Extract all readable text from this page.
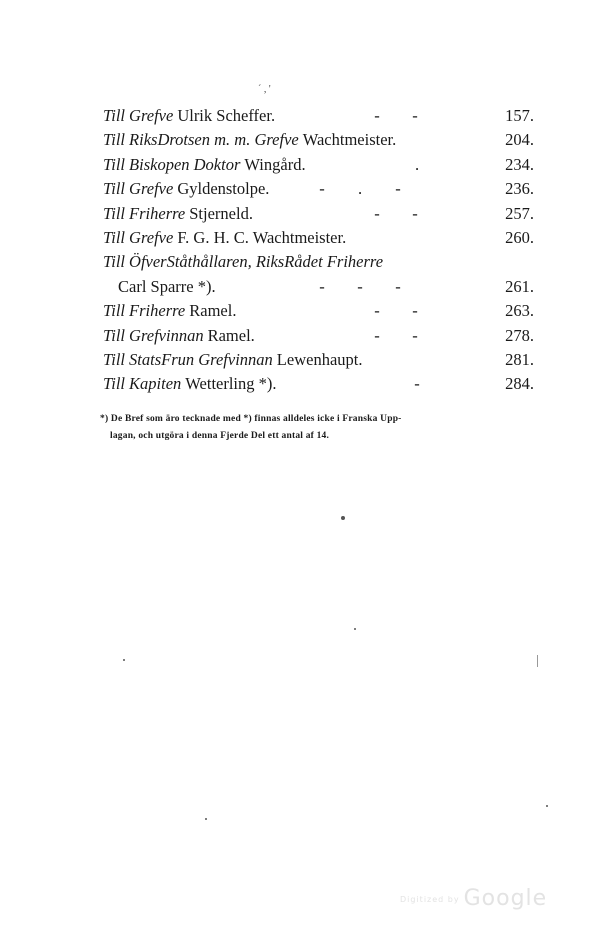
´ , '
Till Grefve Ulrik Scheffer.	- -	157.
Till RiksDrotsen m. m. Grefve Wachtmeister.	204.
Till Biskopen Doktor Wingård.	.	234.
Till Grefve Gyldenstolpe.	- . -	236.
Till Friherre Stjerneld.	- -	257.
Till Grefve F. G. H. C. Wachtmeister.	260.
Till ÖfverStåthållaren, RiksRådet Friherre
Carl Sparre *).	- - -	261.
Till Friherre Ramel.	- -	263.
Till Grefvinnan Ramel.	- -	278.
Till StatsFrun Grefvinnan Lewenhaupt.	281.
Till Kapiten Wetterling *).	-	284.
*) De Bref som äro tecknade med *) finnas alldeles icke i Franska Upp-
lagan, och utgöra i denna Fjerde Del ett antal af 14.
Digitized by Google
